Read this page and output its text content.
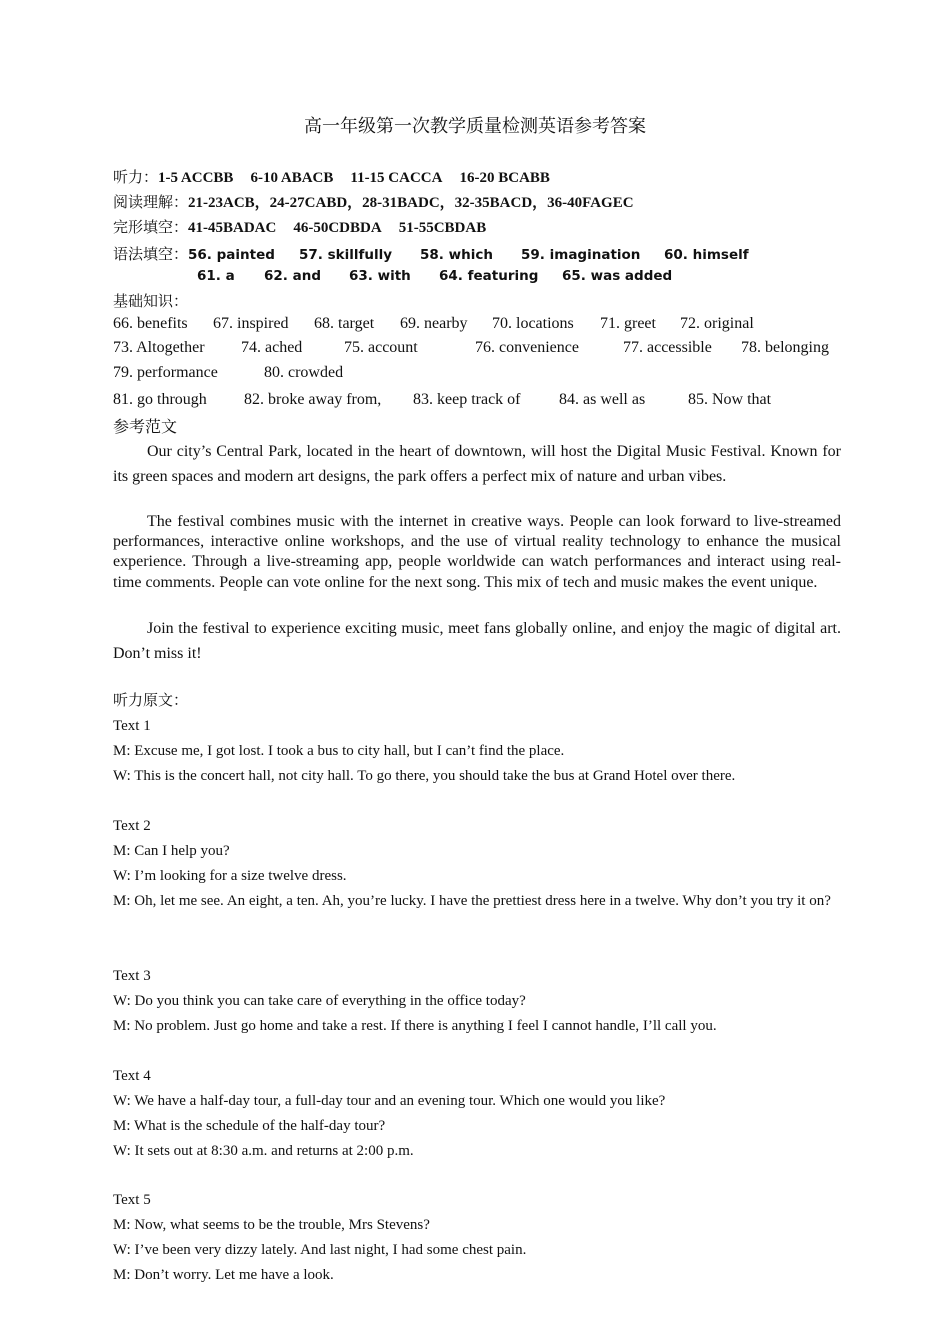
高一年级第一次教学质量检测英语参考答案
听力：1-5 ACCBB 6-10 ABACB 11-15 CACCA 16-20 BCABB
阅读理解：21-23ACB，24-27CABD，28-31BADC，32-35BACD，36-40FAGEC
完形填空：41-45BADAC 46-50CDBDA 51-55CBDAB
语法填空：56. painted 57. skillfully 58. which 59. imagination 60. himself
61. a 62. and 63. with 64. featuring 65. was added
基础知识：
66. benefits 67. inspired 68. target 69. nearby 70. locations 71. greet 72. original
73. Altogether 74. ached	75. account	76. convenience	77. accessible 78. belonging
79. performance	80. crowded
81. go through 82. broke away from, 83. keep track of 84. as well as	85. Now that
参考范文

Our city’s Central Park, located in the heart of downtown, will host the Digital Music Festival. Known for its green spaces and modern art designs, the park offers a perfect mix of nature and urban vibes.

The festival combines music with the internet in creative ways. People can look forward to live-streamed performances, interactive online workshops, and the use of virtual reality technology to enhance the musical experience. Through a live-streaming app, people worldwide can watch performances and interact using real-time comments. People can vote online for the next song. This mix of tech and music makes the event unique.

Join the festival to experience exciting music, meet fans globally online, and enjoy the magic of digital art. Don’t miss it!

听力原文：
Text 1
M: Excuse me, I got lost. I took a bus to city hall, but I can’t find the place.
W: This is the concert hall, not city hall. To go there, you should take the bus at Grand Hotel over there.
Text 2
M: Can I help you?
W: I’m looking for a size twelve dress.
M: Oh, let me see. An eight, a ten. Ah, you’re lucky. I have the prettiest dress here in a twelve. Why don’t you try it on?
Text 3
W: Do you think you can take care of everything in the office today?
M: No problem. Just go home and take a rest. If there is anything I feel I cannot handle, I’ll call you.
Text 4
W: We have a half-day tour, a full-day tour and an evening tour. Which one would you like?
M: What is the schedule of the half-day tour?
W: It sets out at 8:30 a.m. and returns at 2:00 p.m.
Text 5
M: Now, what seems to be the trouble, Mrs Stevens?
W: I’ve been very dizzy lately. And last night, I had some chest pain.
M: Don’t worry. Let me have a look.
